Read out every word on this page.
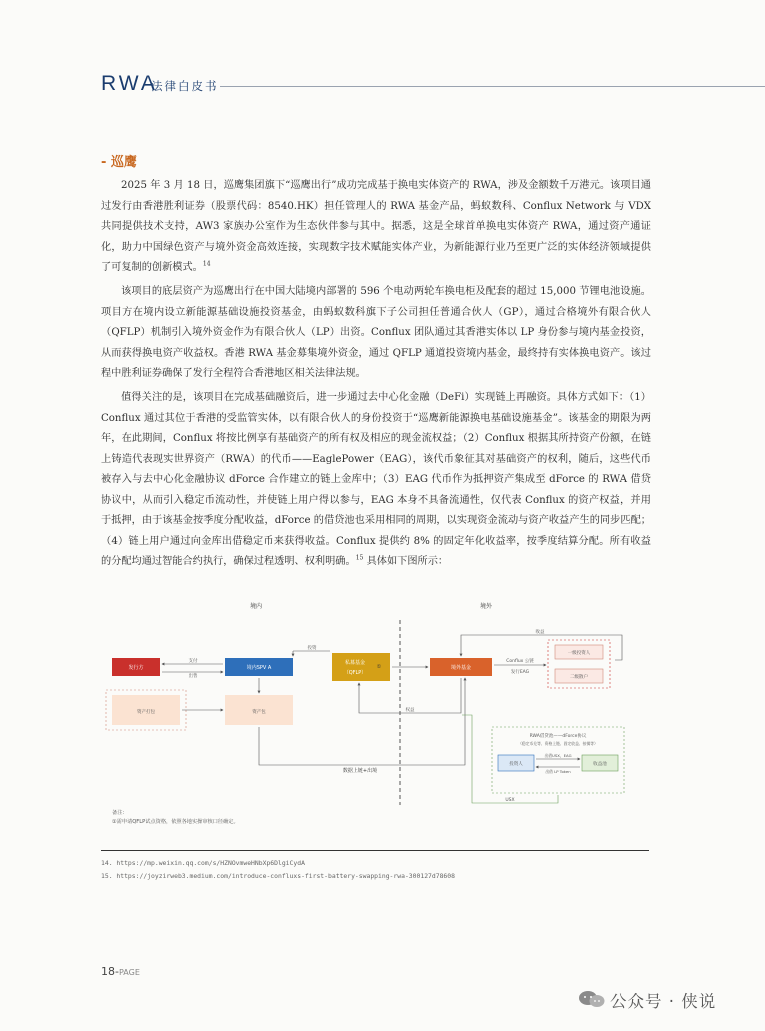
RWA
法律白皮书
- 巡鹰
2025 年 3 月 18 日，巡鹰集团旗下“巡鹰出行”成功完成基于换电实体资产的 RWA，涉及金额数千万港元。该项目通过发行由香港胜利证券（股票代码：8540.HK）担任管理人的 RWA 基金产品，蚂蚁数科、Conflux Network 与 VDX 共同提供技术支持，AW3 家族办公室作为生态伙伴参与其中。据悉，这是全球首单换电实体资产 RWA，通过资产通证化，助力中国绿色资产与境外资金高效连接，实现数字技术赋能实体产业，为新能源行业乃至更广泛的实体经济领域提供了可复制的创新模式。$^{14}$
该项目的底层资产为巡鹰出行在中国大陆境内部署的 596 个电动两轮车换电柜及配套的超过 15,000 节锂电池设施。项目方在境内设立新能源基础设施投资基金，由蚂蚁数科旗下子公司担任普通合伙人（GP），通过合格境外有限合伙人（QFLP）机制引入境外资金作为有限合伙人（LP）出资。Conflux 团队通过其香港实体以 LP 身份参与境内基金投资，从而获得换电资产收益权。香港 RWA 基金募集境外资金，通过 QFLP 通道投资境内基金，最终持有实体换电资产。该过程中胜利证券确保了发行全程符合香港地区相关法律法规。
值得关注的是，该项目在完成基础融资后，进一步通过去中心化金融（DeFi）实现链上再融资。具体方式如下：（1）Conflux 通过其位于香港的受监管实体，以有限合伙人的身份投资于“巡鹰新能源换电基础设施基金”。该基金的期限为两年，在此期间，Conflux 将按比例享有基础资产的所有权及相应的现金流权益；（2）Conflux 根据其所持资产份额，在链上铸造代表现实世界资产（RWA）的代币——EaglePower（EAG），该代币象征其对基础资产的权利，随后，这些代币被存入与去中心化金融协议 dForce 合作建立的链上金库中；（3）EAG 代币作为抵押资产集成至 dForce 的 RWA 借贷协议中，从而引入稳定币流动性，并使链上用户得以参与，EAG 本身不具备流通性，仅代表 Conflux 的资产权益，并用于抵押，由于该基金按季度分配收益，dForce 的借贷池也采用相同的周期，以实现资金流动与资产收益产生的同步匹配；（4）链上用户通过向金库出借稳定币来获得收益。Conflux 提供约 8% 的固定年化收益率，按季度结算分配。所有收益的分配均通过智能合约执行，确保过程透明、权利明确。$^{15}$ 具体如下图所示：
境内	境外
发行方	境内SPV A
私募基金
（QFLP）
①	境外基金
一级投资人
二级散户
资产打包	资产包
支付
出售
投资
权益
Conflux 公链
发行EAG
收益
数据上链+出境
RWA借贷池——dForce协议
（稳定币兑等、资格上链、固定收益、按揭等）
投资人	收益池
出借USX，EAG
出借 LP Token
USX
备注：
①需申请QFLP试点资格，依照各地实操审核口径确定。
14. https://mp.weixin.qq.com/s/HZNOvmweHNbXp6DlgiCydA
15. https://joyzirweb3.medium.com/introduce-confluxs-first-battery-swapping-rwa-300127d78608
18-PAGE
公众号 · 侠说
